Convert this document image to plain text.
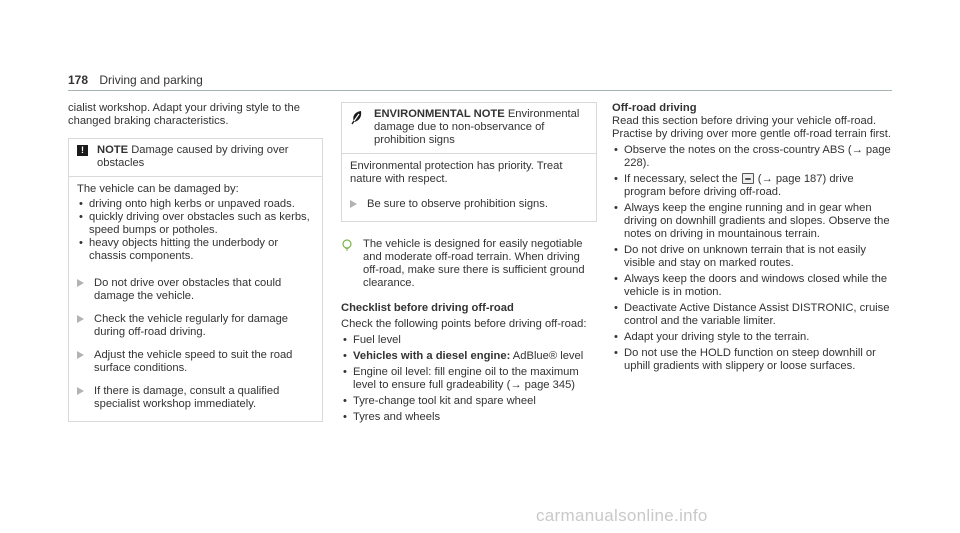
178 Driving and parking

cialist workshop. Adapt your driving style to the changed braking characteristics.

!	NOTE Damage caused by driving over obstacles

The vehicle can be damaged by:

• driving onto high kerbs or unpaved roads.
• quickly driving over obstacles such as kerbs, speed bumps or potholes.
• heavy objects hitting the underbody or chassis components.
Do not drive over obstacles that could damage the vehicle.
Check the vehicle regularly for damage during off-road driving.
Adjust the vehicle speed to suit the road surface conditions.
If there is damage, consult a qualified specialist workshop immediately.
ENVIRONMENTAL NOTE Environmental damage due to non-observance of prohibition signs

Environmental protection has priority. Treat nature with respect.

Be sure to observe prohibition signs.
The vehicle is designed for easily negotiable and moderate off-road terrain. When driving off-road, make sure there is sufficient ground clearance.

Checklist before driving off-road

Check the following points before driving off-road:

• Fuel level
• Vehicles with a diesel engine: AdBlue® level
• Engine oil level: fill engine oil to the maximum level to ensure full gradeability (→ page 345)
• Tyre-change tool kit and spare wheel
• Tyres and wheels

Off-road driving

Read this section before driving your vehicle off-road. Practise by driving over more gentle off-road terrain first.

• Observe the notes on the cross-country ABS (→ page 228).
• If necessary, select the  (→ page 187) drive program before driving off-road.
• Always keep the engine running and in gear when driving on downhill gradients and slopes. Observe the notes on driving in mountainous terrain.
• Do not drive on unknown terrain that is not easily visible and stay on marked routes.
• Always keep the doors and windows closed while the vehicle is in motion.
• Deactivate Active Distance Assist DISTRONIC, cruise control and the variable limiter.
• Adapt your driving style to the terrain.
• Do not use the HOLD function on steep downhill or uphill gradients with slippery or loose surfaces.
carmanualsonline.info
